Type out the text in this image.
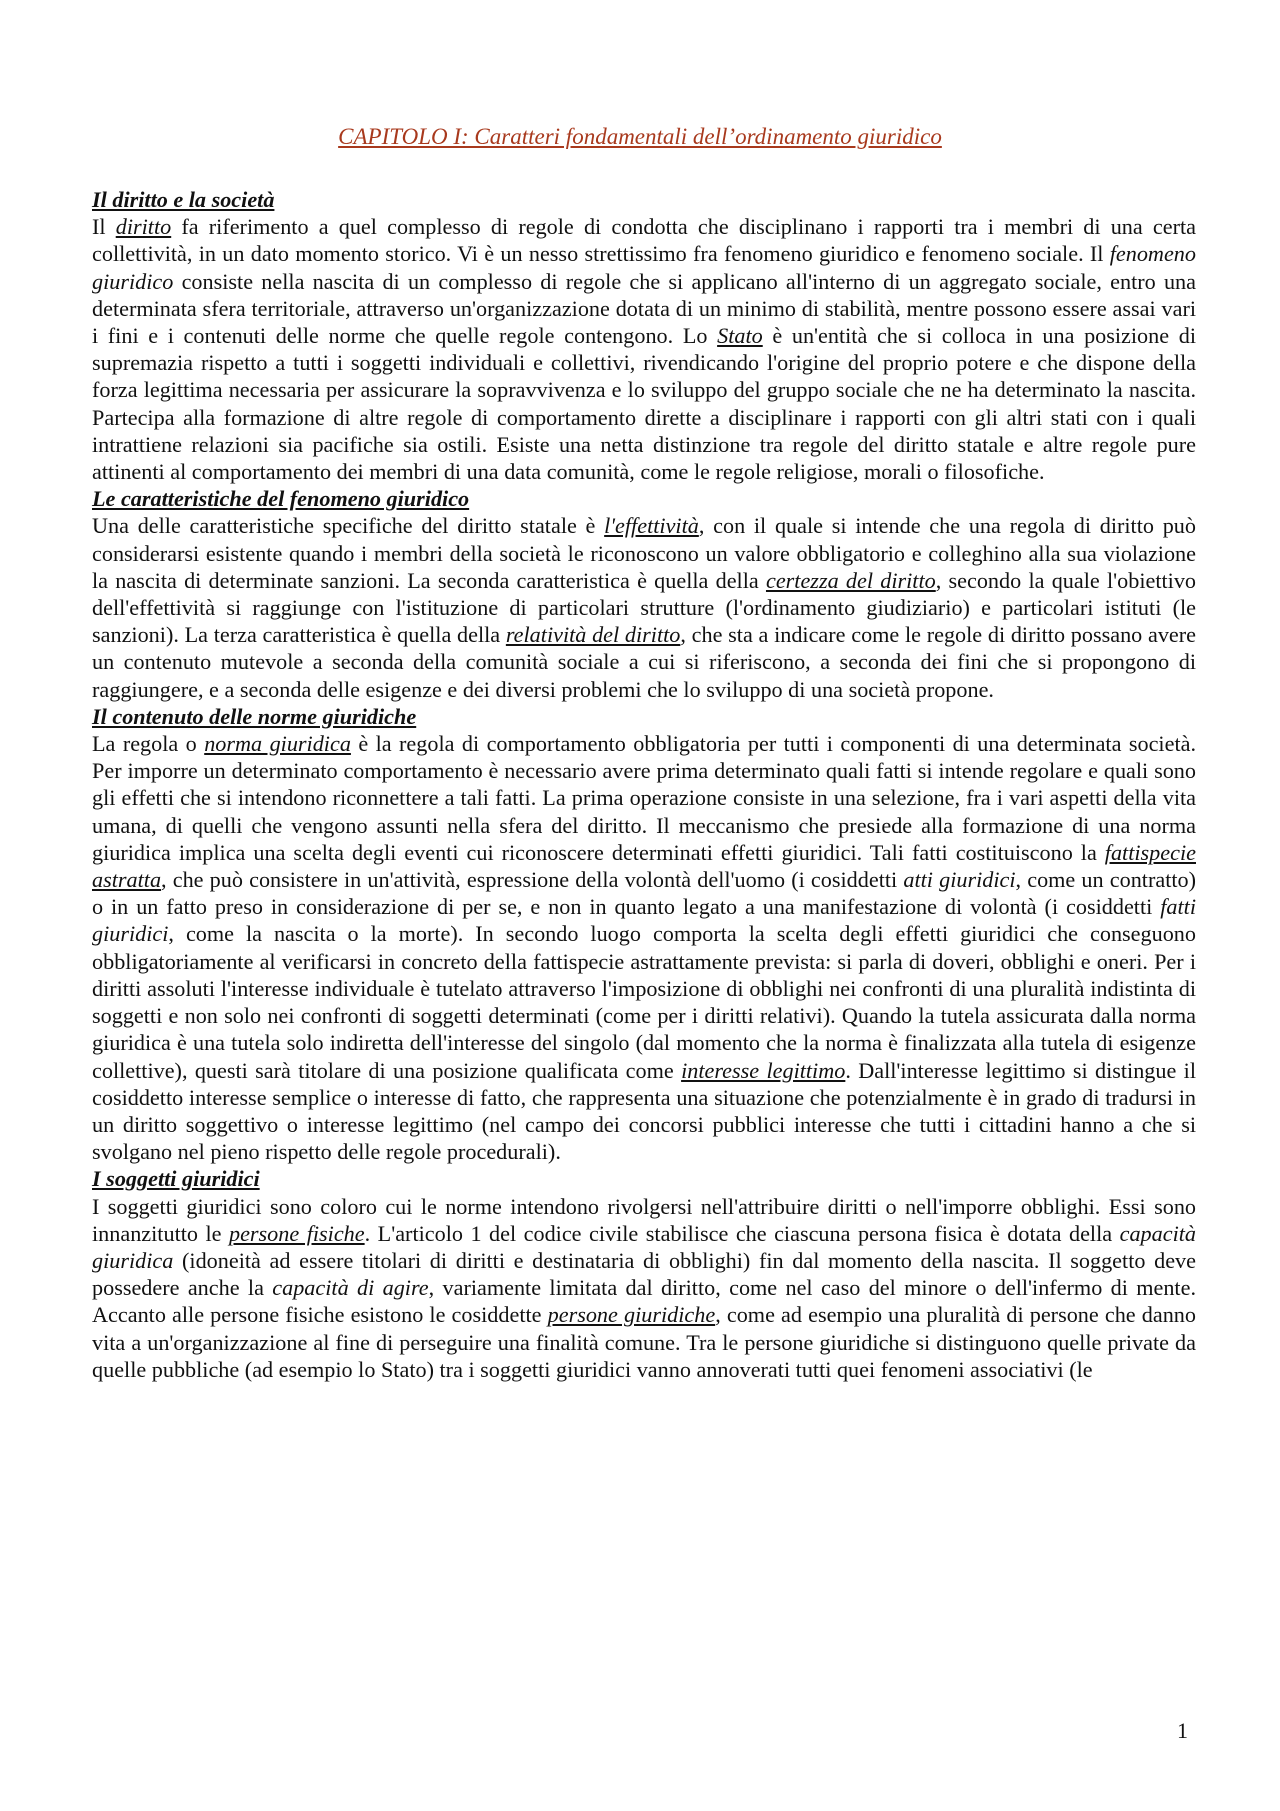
CAPITOLO I: Caratteri fondamentali dell’ordinamento giuridico

Il diritto e la società

Il diritto fa riferimento a quel complesso di regole di condotta che disciplinano i rapporti tra i membri di una certa collettività, in un dato momento storico. Vi è un nesso strettissimo fra fenomeno giuridico e fenomeno sociale. Il fenomeno giuridico consiste nella nascita di un complesso di regole che si applicano all'interno di un aggregato sociale, entro una determinata sfera territoriale, attraverso un'organizzazione dotata di un minimo di stabilità, mentre possono essere assai vari i fini e i contenuti delle norme che quelle regole contengono. Lo Stato è un'entità che si colloca in una posizione di supremazia rispetto a tutti i soggetti individuali e collettivi, rivendicando l'origine del proprio potere e che dispone della forza legittima necessaria per assicurare la sopravvivenza e lo sviluppo del gruppo sociale che ne ha determinato la nascita. Partecipa alla formazione di altre regole di comportamento dirette a disciplinare i rapporti con gli altri stati con i quali intrattiene relazioni sia pacifiche sia ostili. Esiste una netta distinzione tra regole del diritto statale e altre regole pure attinenti al comportamento dei membri di una data comunità, come le regole religiose, morali o filosofiche.

Le caratteristiche del fenomeno giuridico

Una delle caratteristiche specifiche del diritto statale è l'effettività, con il quale si intende che una regola di diritto può considerarsi esistente quando i membri della società le riconoscono un valore obbligatorio e colleghino alla sua violazione la nascita di determinate sanzioni. La seconda caratteristica è quella della certezza del diritto, secondo la quale l'obiettivo dell'effettività si raggiunge con l'istituzione di particolari strutture (l'ordinamento giudiziario) e particolari istituti (le sanzioni). La terza caratteristica è quella della relatività del diritto, che sta a indicare come le regole di diritto possano avere un contenuto mutevole a seconda della comunità sociale a cui si riferiscono, a seconda dei fini che si propongono di raggiungere, e a seconda delle esigenze e dei diversi problemi che lo sviluppo di una società propone.

Il contenuto delle norme giuridiche

La regola o norma giuridica è la regola di comportamento obbligatoria per tutti i componenti di una determinata società. Per imporre un determinato comportamento è necessario avere prima determinato quali fatti si intende regolare e quali sono gli effetti che si intendono riconnettere a tali fatti. La prima operazione consiste in una selezione, fra i vari aspetti della vita umana, di quelli che vengono assunti nella sfera del diritto. Il meccanismo che presiede alla formazione di una norma giuridica implica una scelta degli eventi cui riconoscere determinati effetti giuridici. Tali fatti costituiscono la fattispecie astratta, che può consistere in un'attività, espressione della volontà dell'uomo (i cosiddetti atti giuridici, come un contratto) o in un fatto preso in considerazione di per se, e non in quanto legato a una manifestazione di volontà (i cosiddetti fatti giuridici, come la nascita o la morte). In secondo luogo comporta la scelta degli effetti giuridici che conseguono obbligatoriamente al verificarsi in concreto della fattispecie astrattamente prevista: si parla di doveri, obblighi e oneri. Per i diritti assoluti l'interesse individuale è tutelato attraverso l'imposizione di obblighi nei confronti di una pluralità indistinta di soggetti e non solo nei confronti di soggetti determinati (come per i diritti relativi). Quando la tutela assicurata dalla norma giuridica è una tutela solo indiretta dell'interesse del singolo (dal momento che la norma è finalizzata alla tutela di esigenze collettive), questi sarà titolare di una posizione qualificata come interesse legittimo. Dall'interesse legittimo si distingue il cosiddetto interesse semplice o interesse di fatto, che rappresenta una situazione che potenzialmente è in grado di tradursi in un diritto soggettivo o interesse legittimo (nel campo dei concorsi pubblici interesse che tutti i cittadini hanno a che si svolgano nel pieno rispetto delle regole procedurali).

I soggetti giuridici

I soggetti giuridici sono coloro cui le norme intendono rivolgersi nell'attribuire diritti o nell'imporre obblighi. Essi sono innanzitutto le persone fisiche. L'articolo 1 del codice civile stabilisce che ciascuna persona fisica è dotata della capacità giuridica (idoneità ad essere titolari di diritti e destinataria di obblighi) fin dal momento della nascita. Il soggetto deve possedere anche la capacità di agire, variamente limitata dal diritto, come nel caso del minore o dell'infermo di mente. Accanto alle persone fisiche esistono le cosiddette persone giuridiche, come ad esempio una pluralità di persone che danno vita a un'organizzazione al fine di perseguire una finalità comune. Tra le persone giuridiche si distinguono quelle private da quelle pubbliche (ad esempio lo Stato) tra i soggetti giuridici vanno annoverati tutti quei fenomeni associativi (le

1
